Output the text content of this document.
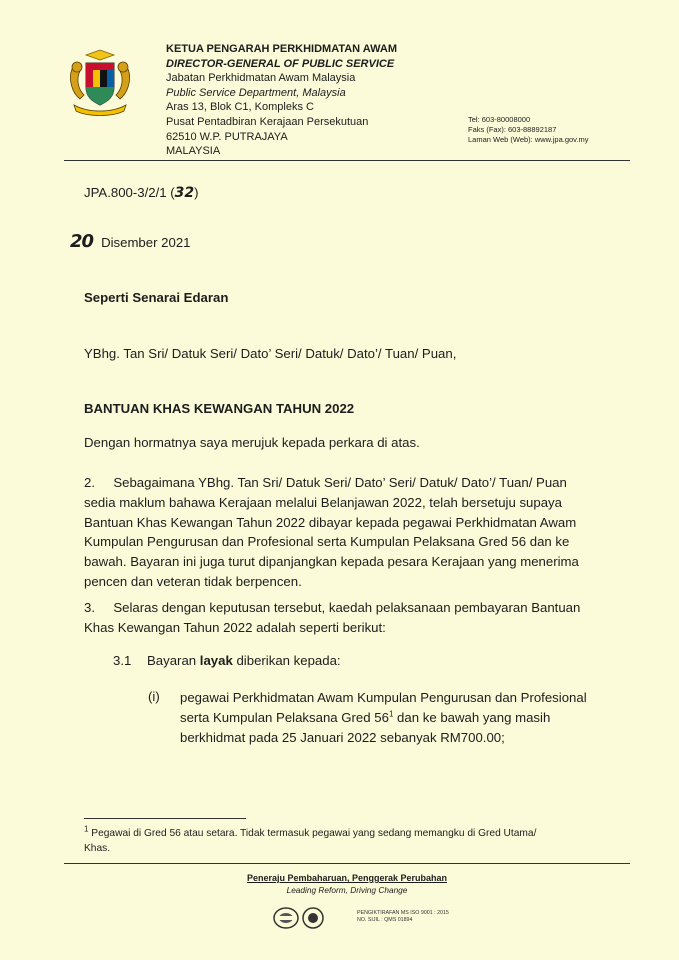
KETUA PENGARAH PERKHIDMATAN AWAM
DIRECTOR-GENERAL OF PUBLIC SERVICE
Jabatan Perkhidmatan Awam Malaysia
Public Service Department, Malaysia
Aras 13, Blok C1, Kompleks C
Pusat Pentadbiran Kerajaan Persekutuan
62510 W.P. PUTRAJAYA
MALAYSIA
Tel: 603-80008000
Faks (Fax): 603-88892187
Laman Web (Web): www.jpa.gov.my
JPA.800-3/2/1 (32)
20 Disember 2021
Seperti Senarai Edaran
YBhg. Tan Sri/ Datuk Seri/ Dato’ Seri/ Datuk/ Dato’/ Tuan/ Puan,
BANTUAN KHAS KEWANGAN TAHUN 2022
Dengan hormatnya saya merujuk kepada perkara di atas.
2.     Sebagaimana YBhg. Tan Sri/ Datuk Seri/ Dato’ Seri/ Datuk/ Dato’/ Tuan/ Puan
sedia maklum bahawa Kerajaan melalui Belanjawan 2022, telah bersetuju supaya
Bantuan Khas Kewangan Tahun 2022 dibayar kepada pegawai Perkhidmatan Awam
Kumpulan Pengurusan dan Profesional serta Kumpulan Pelaksana Gred 56 dan ke
bawah. Bayaran ini juga turut dipanjangkan kepada pesara Kerajaan yang menerima
pencen dan veteran tidak berpencen.
3.     Selaras dengan keputusan tersebut, kaedah pelaksanaan pembayaran Bantuan
Khas Kewangan Tahun 2022 adalah seperti berikut:
3.1 Bayaran layak diberikan kepada:
(i) pegawai Perkhidmatan Awam Kumpulan Pengurusan dan Profesional
serta Kumpulan Pelaksana Gred $56^1$ dan ke bawah yang masih
berkhidmat pada 25 Januari 2022 sebanyak RM700.00;
$^1$ Pegawai di Gred 56 atau setara. Tidak termasuk pegawai yang sedang memangku di Gred Utama/
Khas.
Peneraju Pembaharuan, Penggerak Perubahan
Leading Reform, Driving Change
PENGIKTIRAFAN MS ISO 9001 : 2015
NO. SIJIL : QMS 01894
